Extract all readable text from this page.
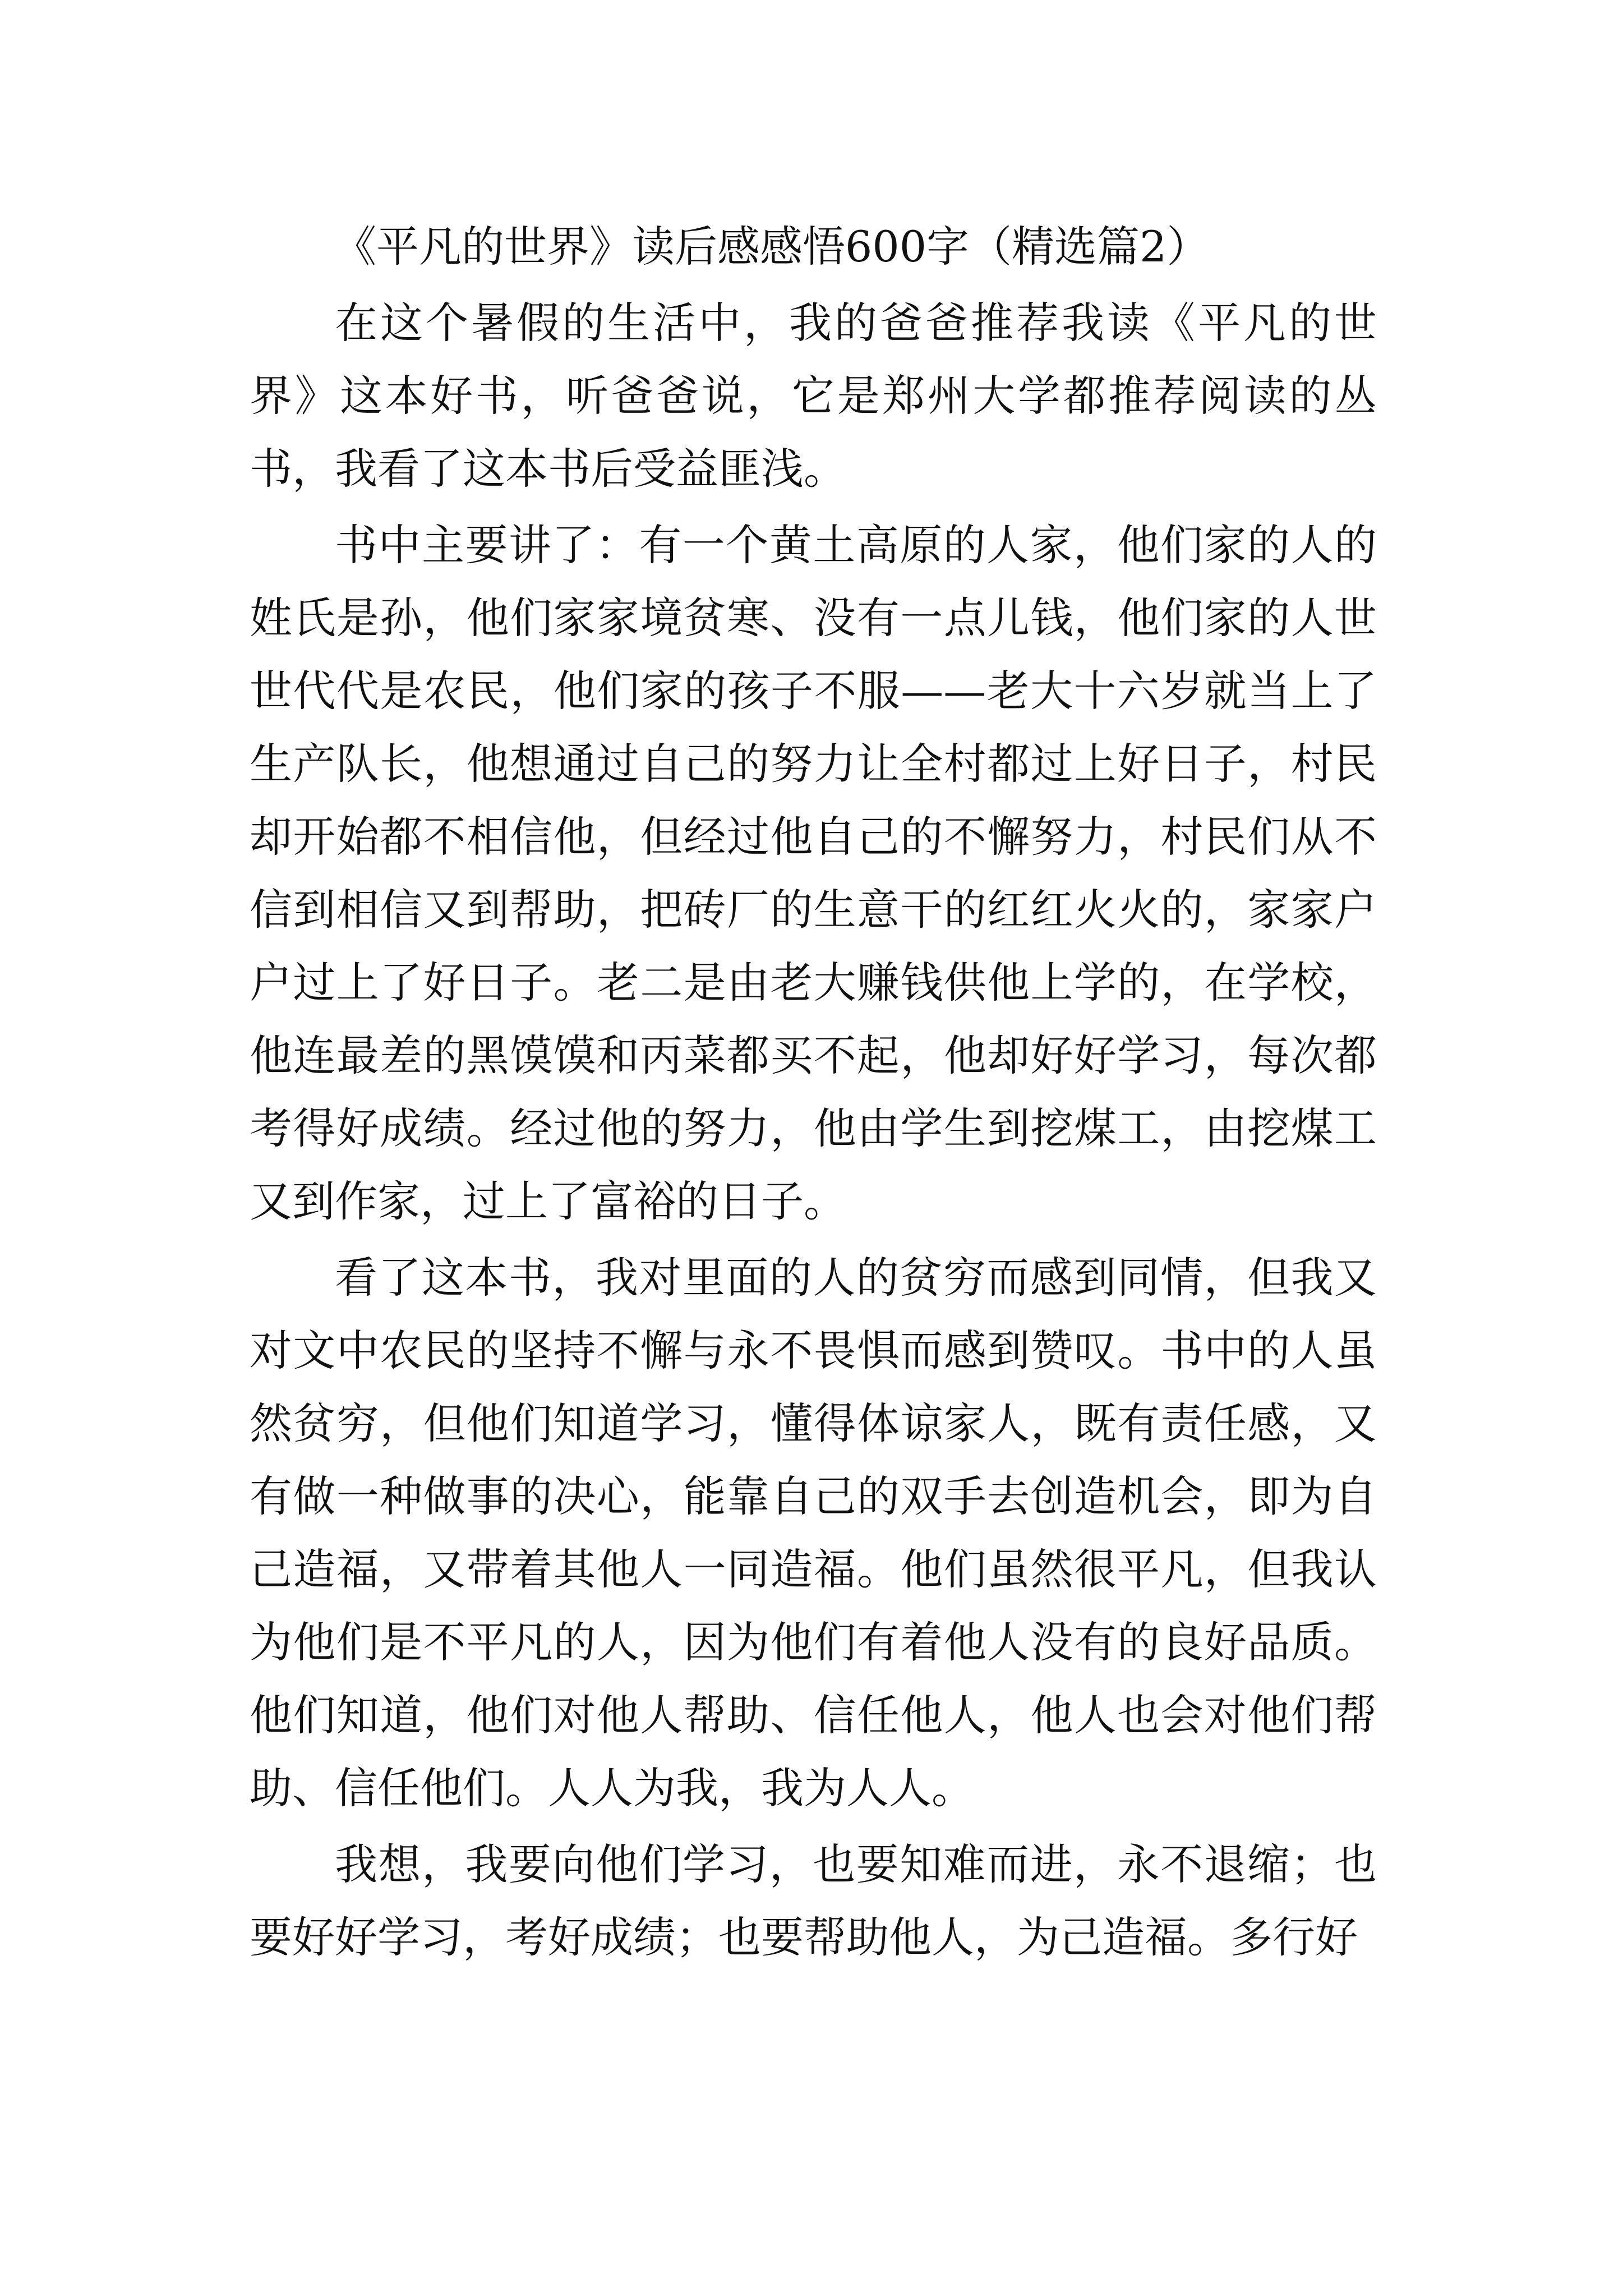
《平凡的世界》读后感感悟600字（精选篇2）

在这个暑假的生活中，我的爸爸推荐我读《平凡的世界》这本好书，听爸爸说，它是郑州大学都推荐阅读的丛书，我看了这本书后受益匪浅。

书中主要讲了：有一个黄土高原的人家，他们家的人的姓氏是孙，他们家家境贫寒、没有一点儿钱，他们家的人世世代代是农民，他们家的孩子不服——老大十六岁就当上了生产队长，他想通过自己的努力让全村都过上好日子，村民却开始都不相信他，但经过他自己的不懈努力，村民们从不信到相信又到帮助，把砖厂的生意干的红红火火的，家家户户过上了好日子。老二是由老大赚钱供他上学的，在学校，他连最差的黑馍馍和丙菜都买不起，他却好好学习，每次都考得好成绩。经过他的努力，他由学生到挖煤工，由挖煤工又到作家，过上了富裕的日子。

看了这本书，我对里面的人的贫穷而感到同情，但我又对文中农民的坚持不懈与永不畏惧而感到赞叹。书中的人虽然贫穷，但他们知道学习，懂得体谅家人，既有责任感，又有做一种做事的决心，能靠自己的双手去创造机会，即为自己造福，又带着其他人一同造福。他们虽然很平凡，但我认为他们是不平凡的人，因为他们有着他人没有的良好品质。他们知道，他们对他人帮助、信任他人，他人也会对他们帮助、信任他们。人人为我，我为人人。

我想，我要向他们学习，也要知难而进，永不退缩；也要好好学习，考好成绩；也要帮助他人，为己造福。多行好
